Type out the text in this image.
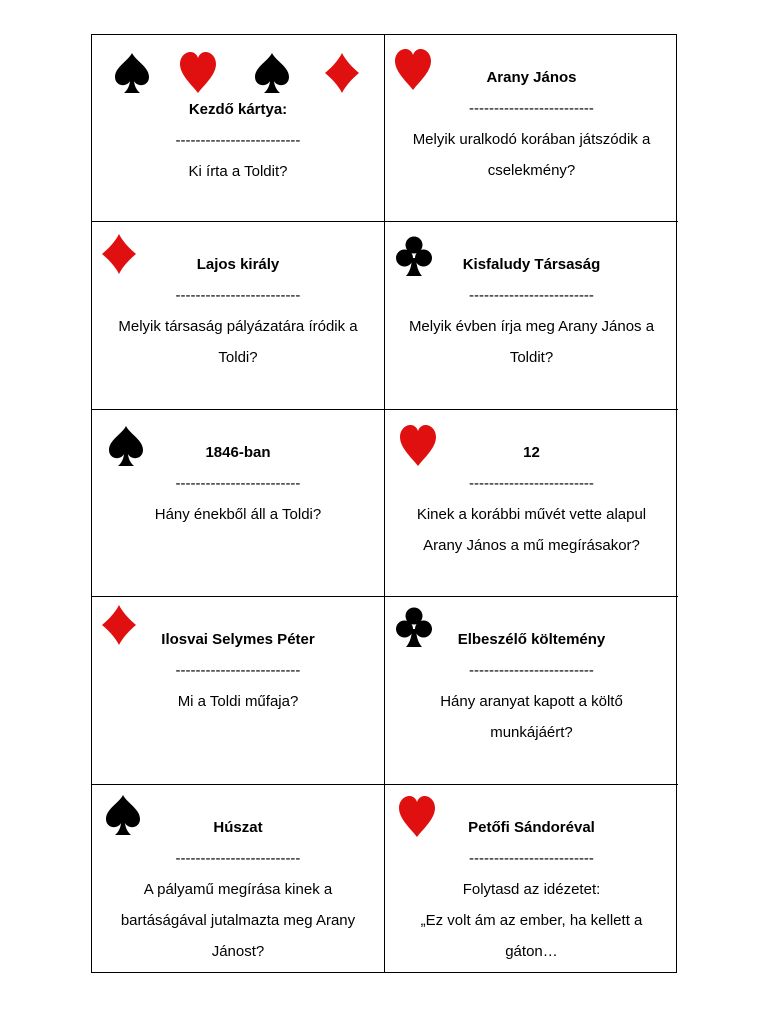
Kezdő kártya:
-------------------------
Ki írta a Toldit?
Arany János
-------------------------
Melyik uralkodó korában játszódik a
cselekmény?
Lajos király
-------------------------
Melyik társaság pályázatára íródik a
Toldi?
Kisfaludy Társaság
-------------------------
Melyik évben írja meg Arany János a
Toldit?
1846-ban
-------------------------
Hány énekből áll a Toldi?
12
-------------------------
Kinek a korábbi művét vette alapul
Arany János a mű megírásakor?
Ilosvai Selymes Péter
-------------------------
Mi a Toldi műfaja?
Elbeszélő költemény
-------------------------
Hány aranyat kapott a költő
munkájáért?
Húszat
-------------------------
A pályamű megírása kinek a
bartáságával jutalmazta meg Arany
Jánost?
Petőfi Sándoréval
-------------------------
Folytasd az idézetet:
„Ez volt ám az ember, ha kellett a
gáton…
